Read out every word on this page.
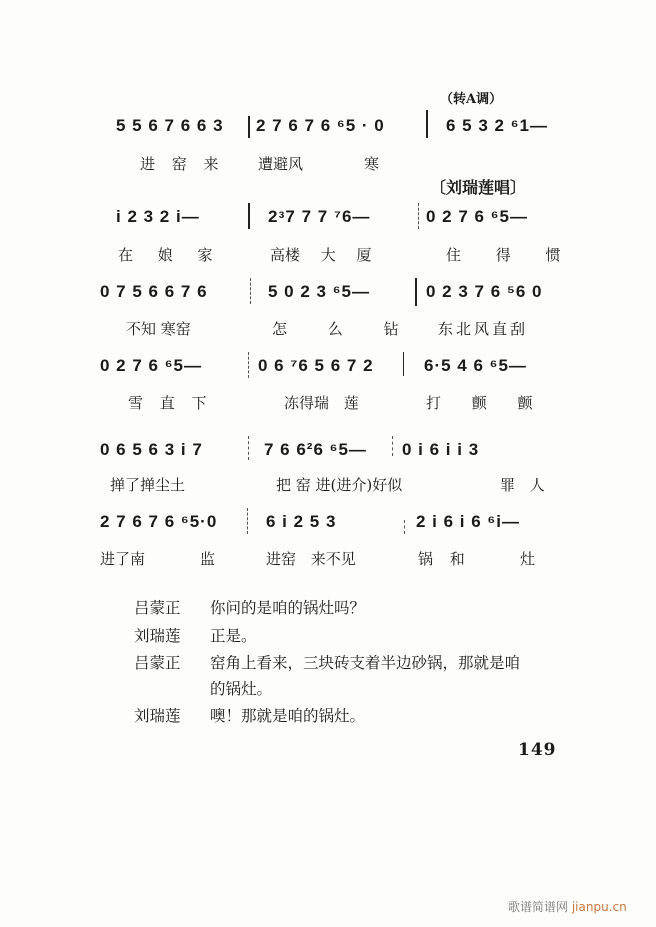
（转A调）
〔刘瑞莲唱〕
5 5 6 7 6 6 3 2 7 6 7 6 ⁶5 · 0	6 5 3 2 ⁶1—
进 窑 来	遭避风	寒
i 2 3 2 i—	2ᵌ7 7 7 ⁷6—	0 2 7 6 ⁶5—
在 娘 家	高楼 大 厦	住 得 惯
0 7 5 6 6 7 6	5 0 2 3 ⁶5—	0 2 3 7 6 ⁵6 0
不知 寒窑	怎 么 钻	东北风直刮
0 2 7 6 ⁶5—	0 6 ⁷6 5 6 7 2	6·5 4 6 ⁶5—
雪 直 下	冻得瑞 莲	打 颤 颤
0 6 5 6 3 i 7	7 6 6²6 ⁶5— 0 i 6 i i 3
掸了掸尘土	把 窑 进(进介)好似	罪 人
2 7 6 7 6 ⁶5·0	6 i 2 5 3	2 i 6 i 6 ⁶i—
进了南	监	进窑 来不见	锅 和	灶
吕蒙正 你问的是咱的锅灶吗？
刘瑞莲 正是。
吕蒙正 窑角上看来，三块砖支着半边砂锅，那就是咱
的锅灶。
刘瑞莲 噢！那就是咱的锅灶。
149
歌谱简谱网 jianpu.cn
